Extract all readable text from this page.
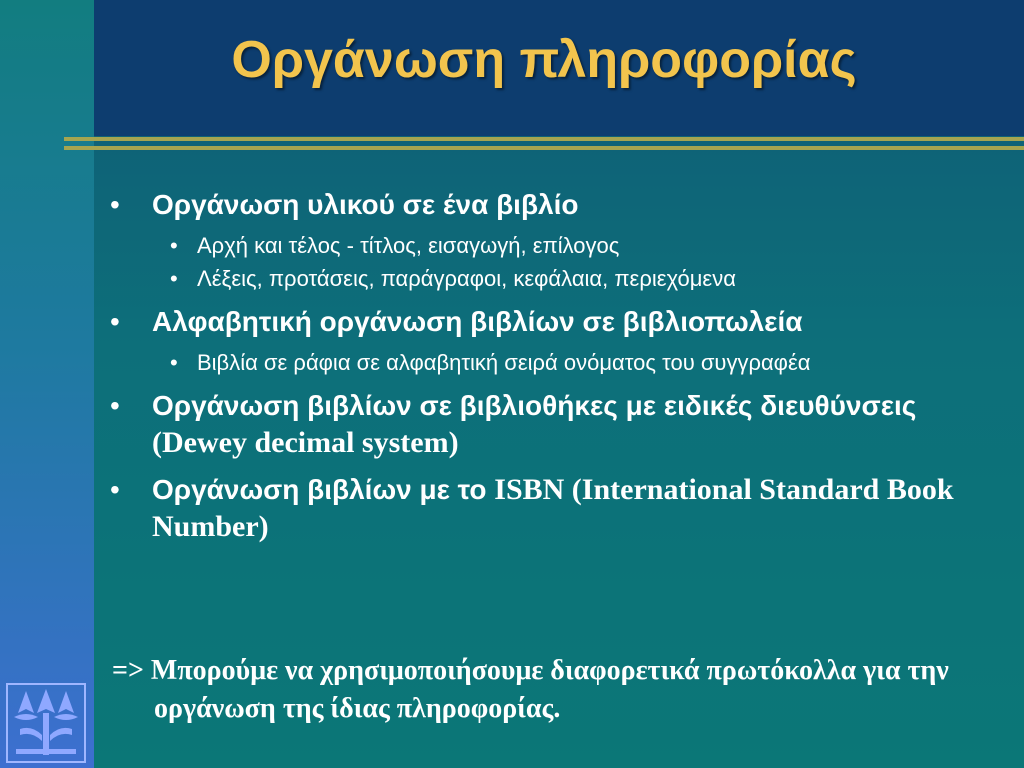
Οργάνωση πληροφορίας
• Οργάνωση υλικού σε ένα βιβλίο
• Αρχή και τέλος - τίτλος, εισαγωγή, επίλογος
• Λέξεις, προτάσεις, παράγραφοι, κεφάλαια, περιεχόμενα
• Αλφαβητική οργάνωση βιβλίων σε βιβλιοπωλεία
• Βιβλία σε ράφια σε αλφαβητική σειρά ονόματος του συγγραφέα
• Οργάνωση βιβλίων σε βιβλιοθήκες με ειδικές διευθύνσεις  (Dewey decimal system)
• Οργάνωση βιβλίων με το ISBN (International Standard Book Number)
=> Μπορούμε να χρησιμοποιήσουμε διαφορετικά πρωτόκολλα για την οργάνωση της ίδιας πληροφορίας.
